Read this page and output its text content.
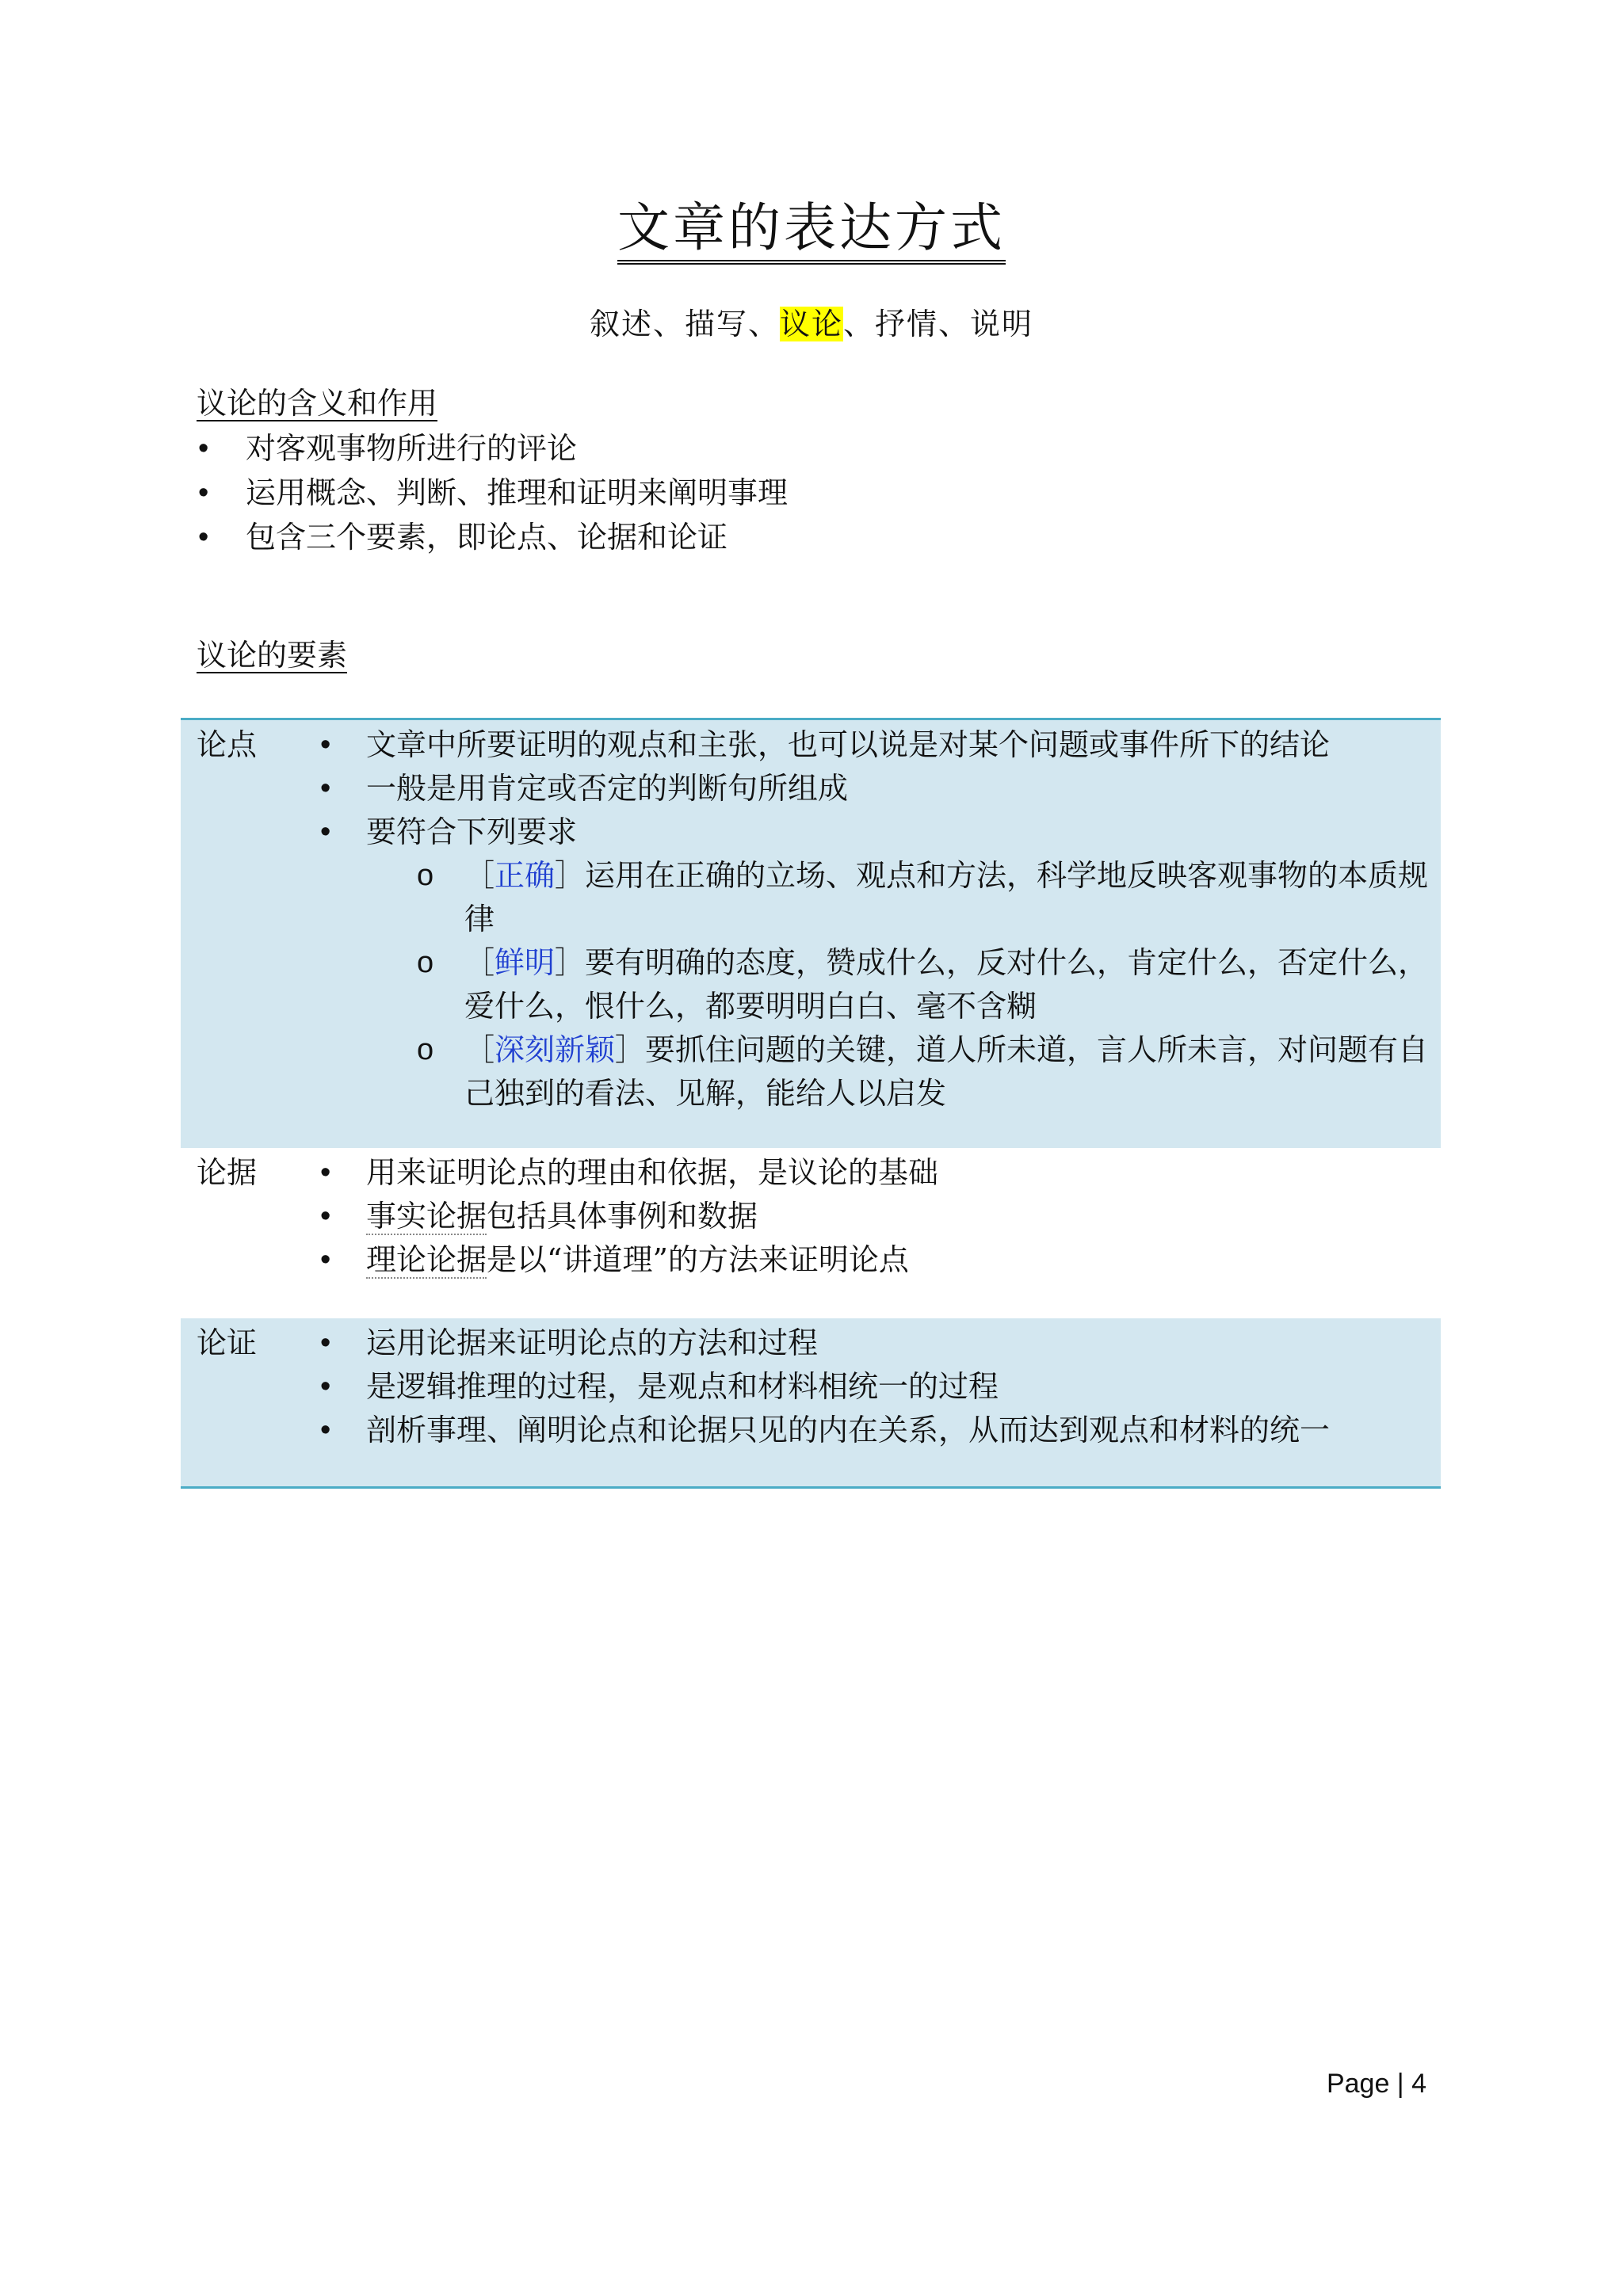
文章的表达方式
叙述、描写、议论、抒情、说明
议论的含义和作用
• 对客观事物所进行的评论
• 运用概念、判断、推理和证明来阐明事理
• 包含三个要素，即论点、论据和论证
议论的要素
论点	• 文章中所要证明的观点和主张，也可以说是对某个问题或事件所下的结论
• 一般是用肯定或否定的判断句所组成
• 要符合下列要求
o ［正确］运用在正确的立场、观点和方法，科学地反映客观事物的本质规律
o ［鲜明］要有明确的态度，赞成什么，反对什么，肯定什么，否定什么，爱什么，恨什么，都要明明白白、毫不含糊
o ［深刻新颖］要抓住问题的关键，道人所未道，言人所未言，对问题有自己独到的看法、见解，能给人以启发
论据	• 用来证明论点的理由和依据，是议论的基础
• 事实论据包括具体事例和数据
• 理论论据是以“讲道理”的方法来证明论点
论证	• 运用论据来证明论点的方法和过程
• 是逻辑推理的过程，是观点和材料相统一的过程
• 剖析事理、阐明论点和论据只见的内在关系，从而达到观点和材料的统一
Page | 4
